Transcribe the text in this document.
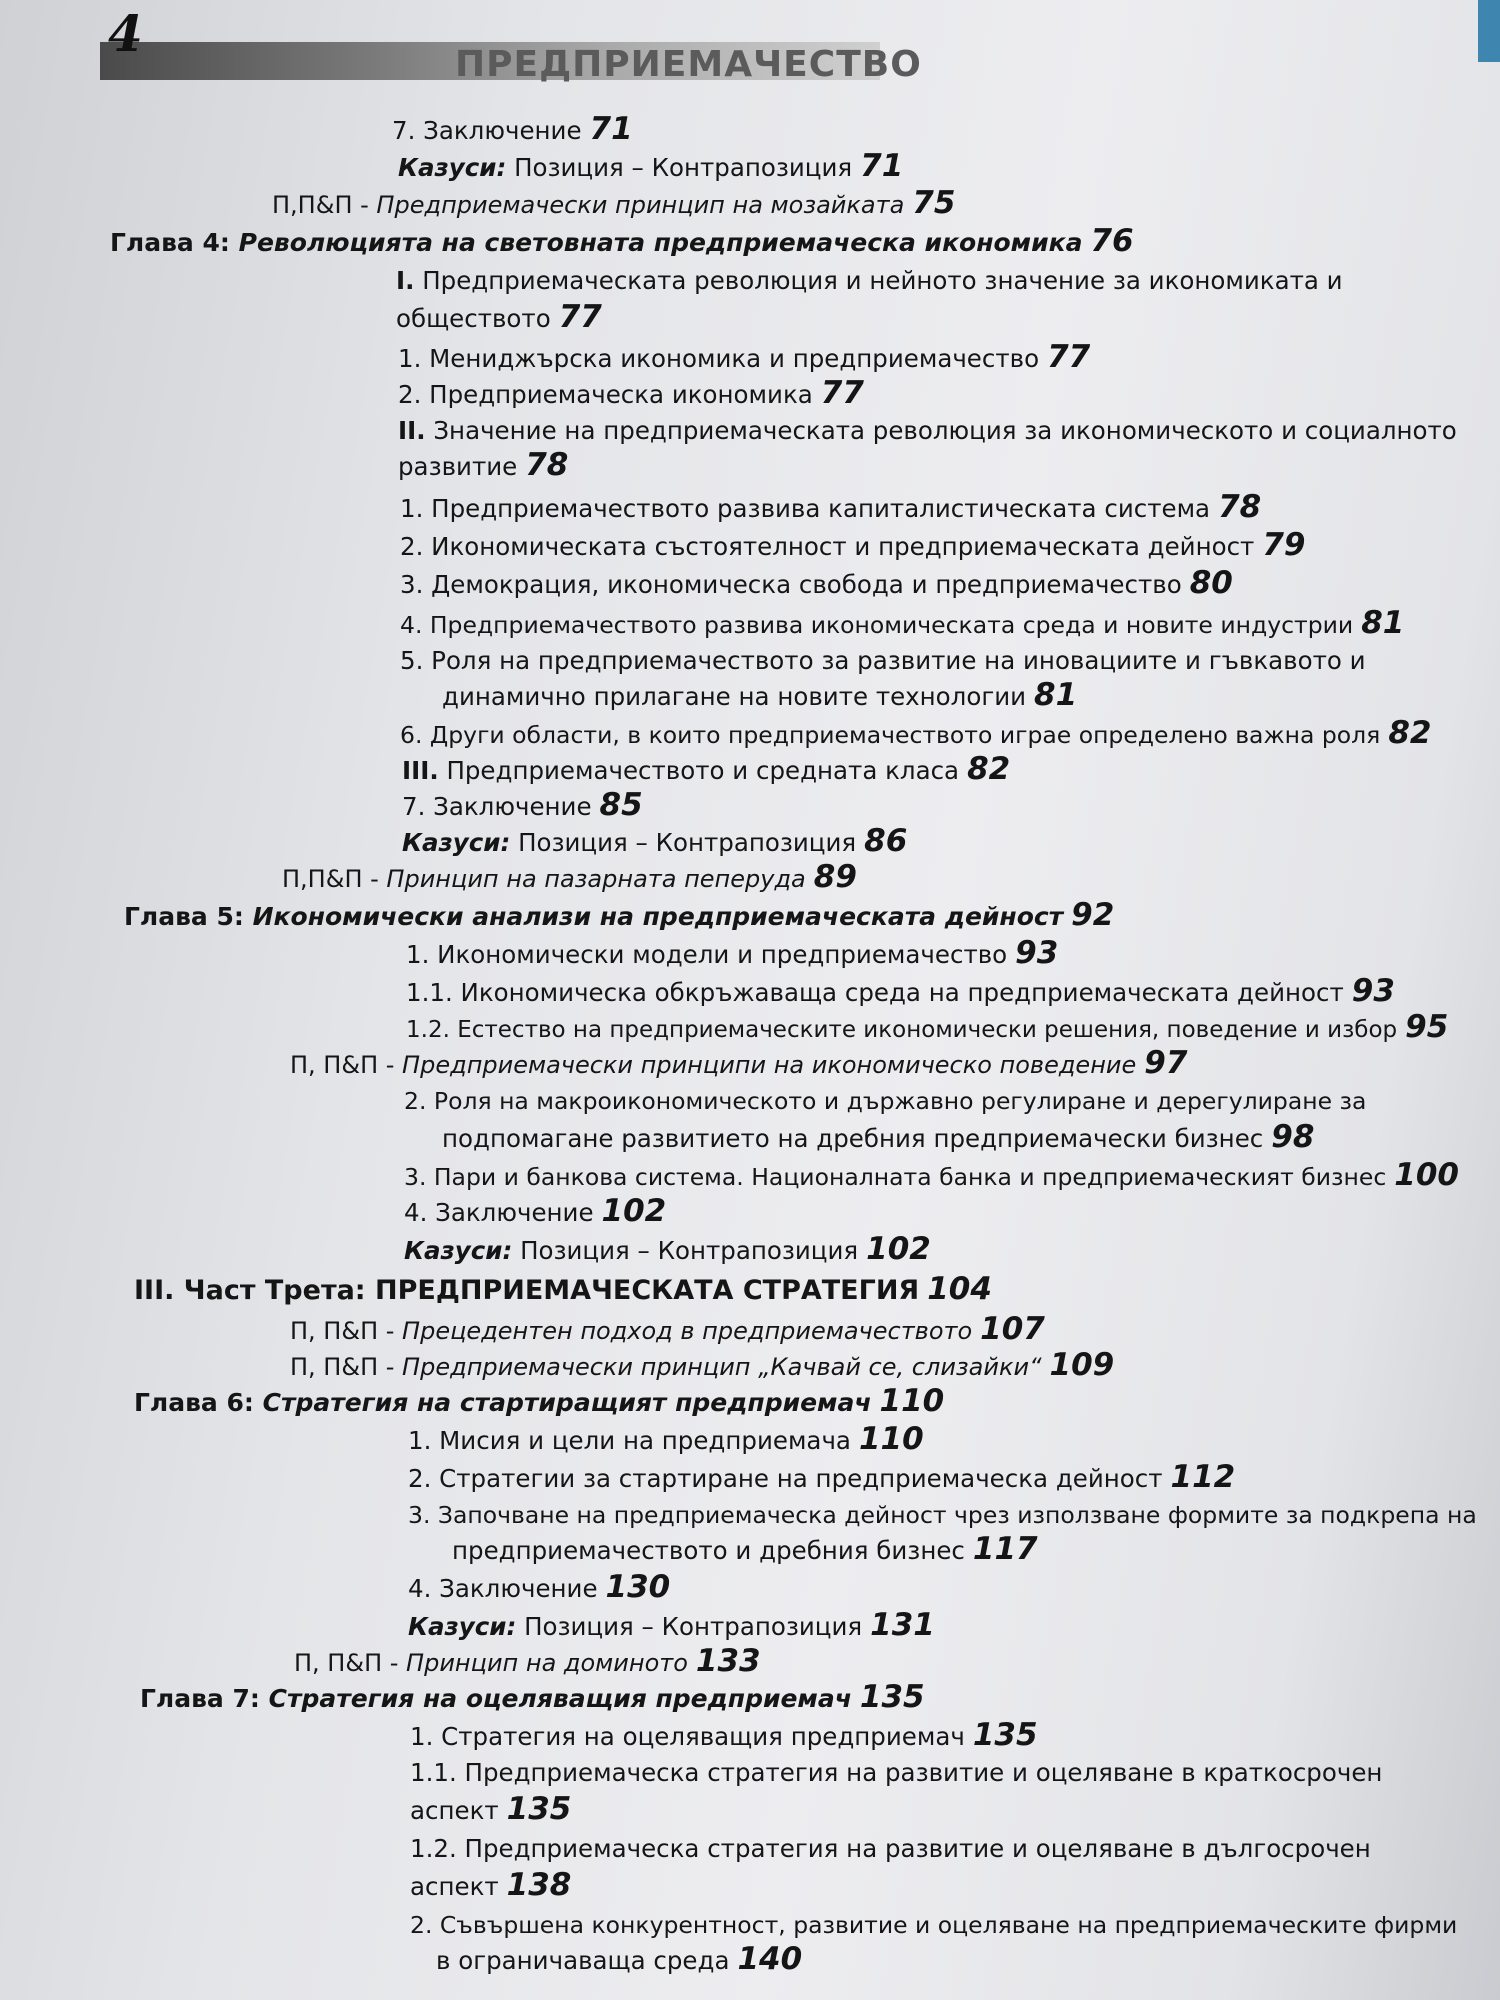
4
ПРЕДПРИЕМАЧЕСТВО
7. Заключение 71
Казуси: Позиция – Контрапозиция 71
П,П&П - Предприемачески принцип на мозайката 75
Глава 4: Революцията на световната предприемаческа икономика 76
I. Предприемаческата революция и нейното значение за икономиката и
обществото 77
1. Мениджърска икономика и предприемачество 77
2. Предприемаческа икономика 77
II. Значение на предприемаческата революция за икономическото и социалното
развитие 78
1. Предприемачеството развива капиталистическата система 78
2. Икономическата състоятелност и предприемаческата дейност 79
3. Демокрация, икономическа свобода и предприемачество 80
4. Предприемачеството развива икономическата среда и новите индустрии 81
5. Роля на предприемачеството за развитие на иновациите и гъвкавото и
динамично прилагане на новите технологии 81
6. Други области, в които предприемачеството играе определено важна роля 82
III. Предприемачеството и средната класа 82
7. Заключение 85
Казуси: Позиция – Контрапозиция 86
П,П&П - Принцип на пазарната пеперуда 89
Глава 5: Икономически анализи на предприемаческата дейност 92
1. Икономически модели и предприемачество 93
1.1. Икономическа обкръжаваща среда на предприемаческата дейност 93
1.2. Естество на предприемаческите икономически решения, поведение и избор 95
П, П&П - Предприемачески принципи на икономическо поведение 97
2. Роля на макроикономическото и държавно регулиране и дерегулиране за
подпомагане развитието на дребния предприемачески бизнес 98
3. Пари и банкова система. Националната банка и предприемаческият бизнес 100
4. Заключение 102
Казуси: Позиция – Контрапозиция 102
III. Част Трета: ПРЕДПРИЕМАЧЕСКАТА СТРАТЕГИЯ 104
П, П&П - Прецедентен подход в предприемачеството 107
П, П&П - Предприемачески принцип „Качвай се, слизайки“ 109
Глава 6: Стратегия на стартиращият предприемач 110
1. Мисия и цели на предприемача 110
2. Стратегии за стартиране на предприемаческа дейност 112
3. Започване на предприемаческа дейност чрез използване формите за подкрепа на
предприемачеството и дребния бизнес 117
4. Заключение 130
Казуси: Позиция – Контрапозиция 131
П, П&П - Принцип на доминото 133
Глава 7: Стратегия на оцеляващия предприемач 135
1. Стратегия на оцеляващия предприемач 135
1.1. Предприемаческа стратегия на развитие и оцеляване в краткосрочен
аспект 135
1.2. Предприемаческа стратегия на развитие и оцеляване в дългосрочен
аспект 138
2. Съвършена конкурентност, развитие и оцеляване на предприемаческите фирми
в ограничаваща среда 140
